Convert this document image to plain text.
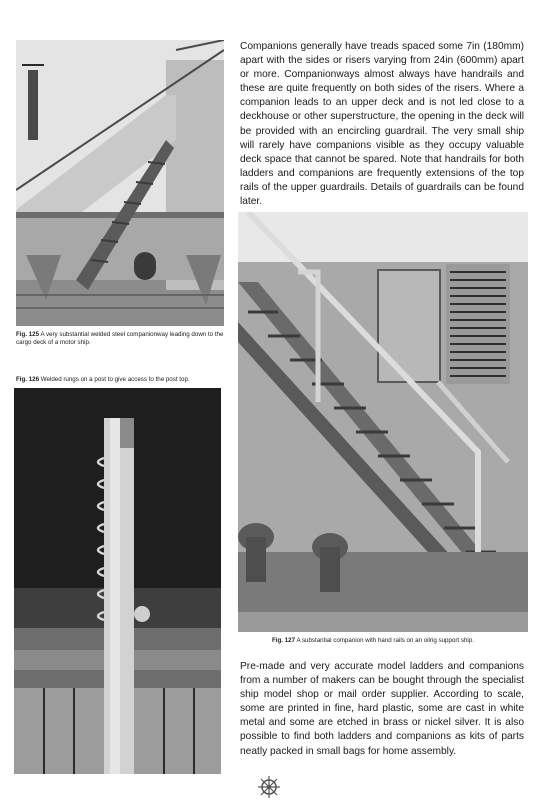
Companions generally have treads spaced some 7in (180mm) apart with the sides or risers varying from 24in (600mm) apart or more. Companionways almost always have handrails and these are quite frequently on both sides of the risers. Where a companion leads to an upper deck and is not led close to a deckhouse or other superstructure, the opening in the deck will be provided with an encircling guardrail. The very small ship will rarely have companions visible as they occupy valuable deck space that cannot be spared. Note that handrails for both ladders and companions are frequently extensions of the top rails of the upper guardrails. Details of guardrails can be found later.

Fig. 125 A very substantial welded steel companionway leading down to the cargo deck of a motor ship.

Fig. 126 Welded rungs on a post to give access to the post top.

Fig. 127 A substantial companion with hand rails on an oilrig support ship.

Pre-made and very accurate model ladders and companions from a number of makers can be bought through the specialist ship model shop or mail order supplier. According to scale, some are printed in fine, hard plastic, some are cast in white metal and some are etched in brass or nickel silver. It is also possible to find both ladders and companions as kits of parts neatly packed in small bags for home assembly.
